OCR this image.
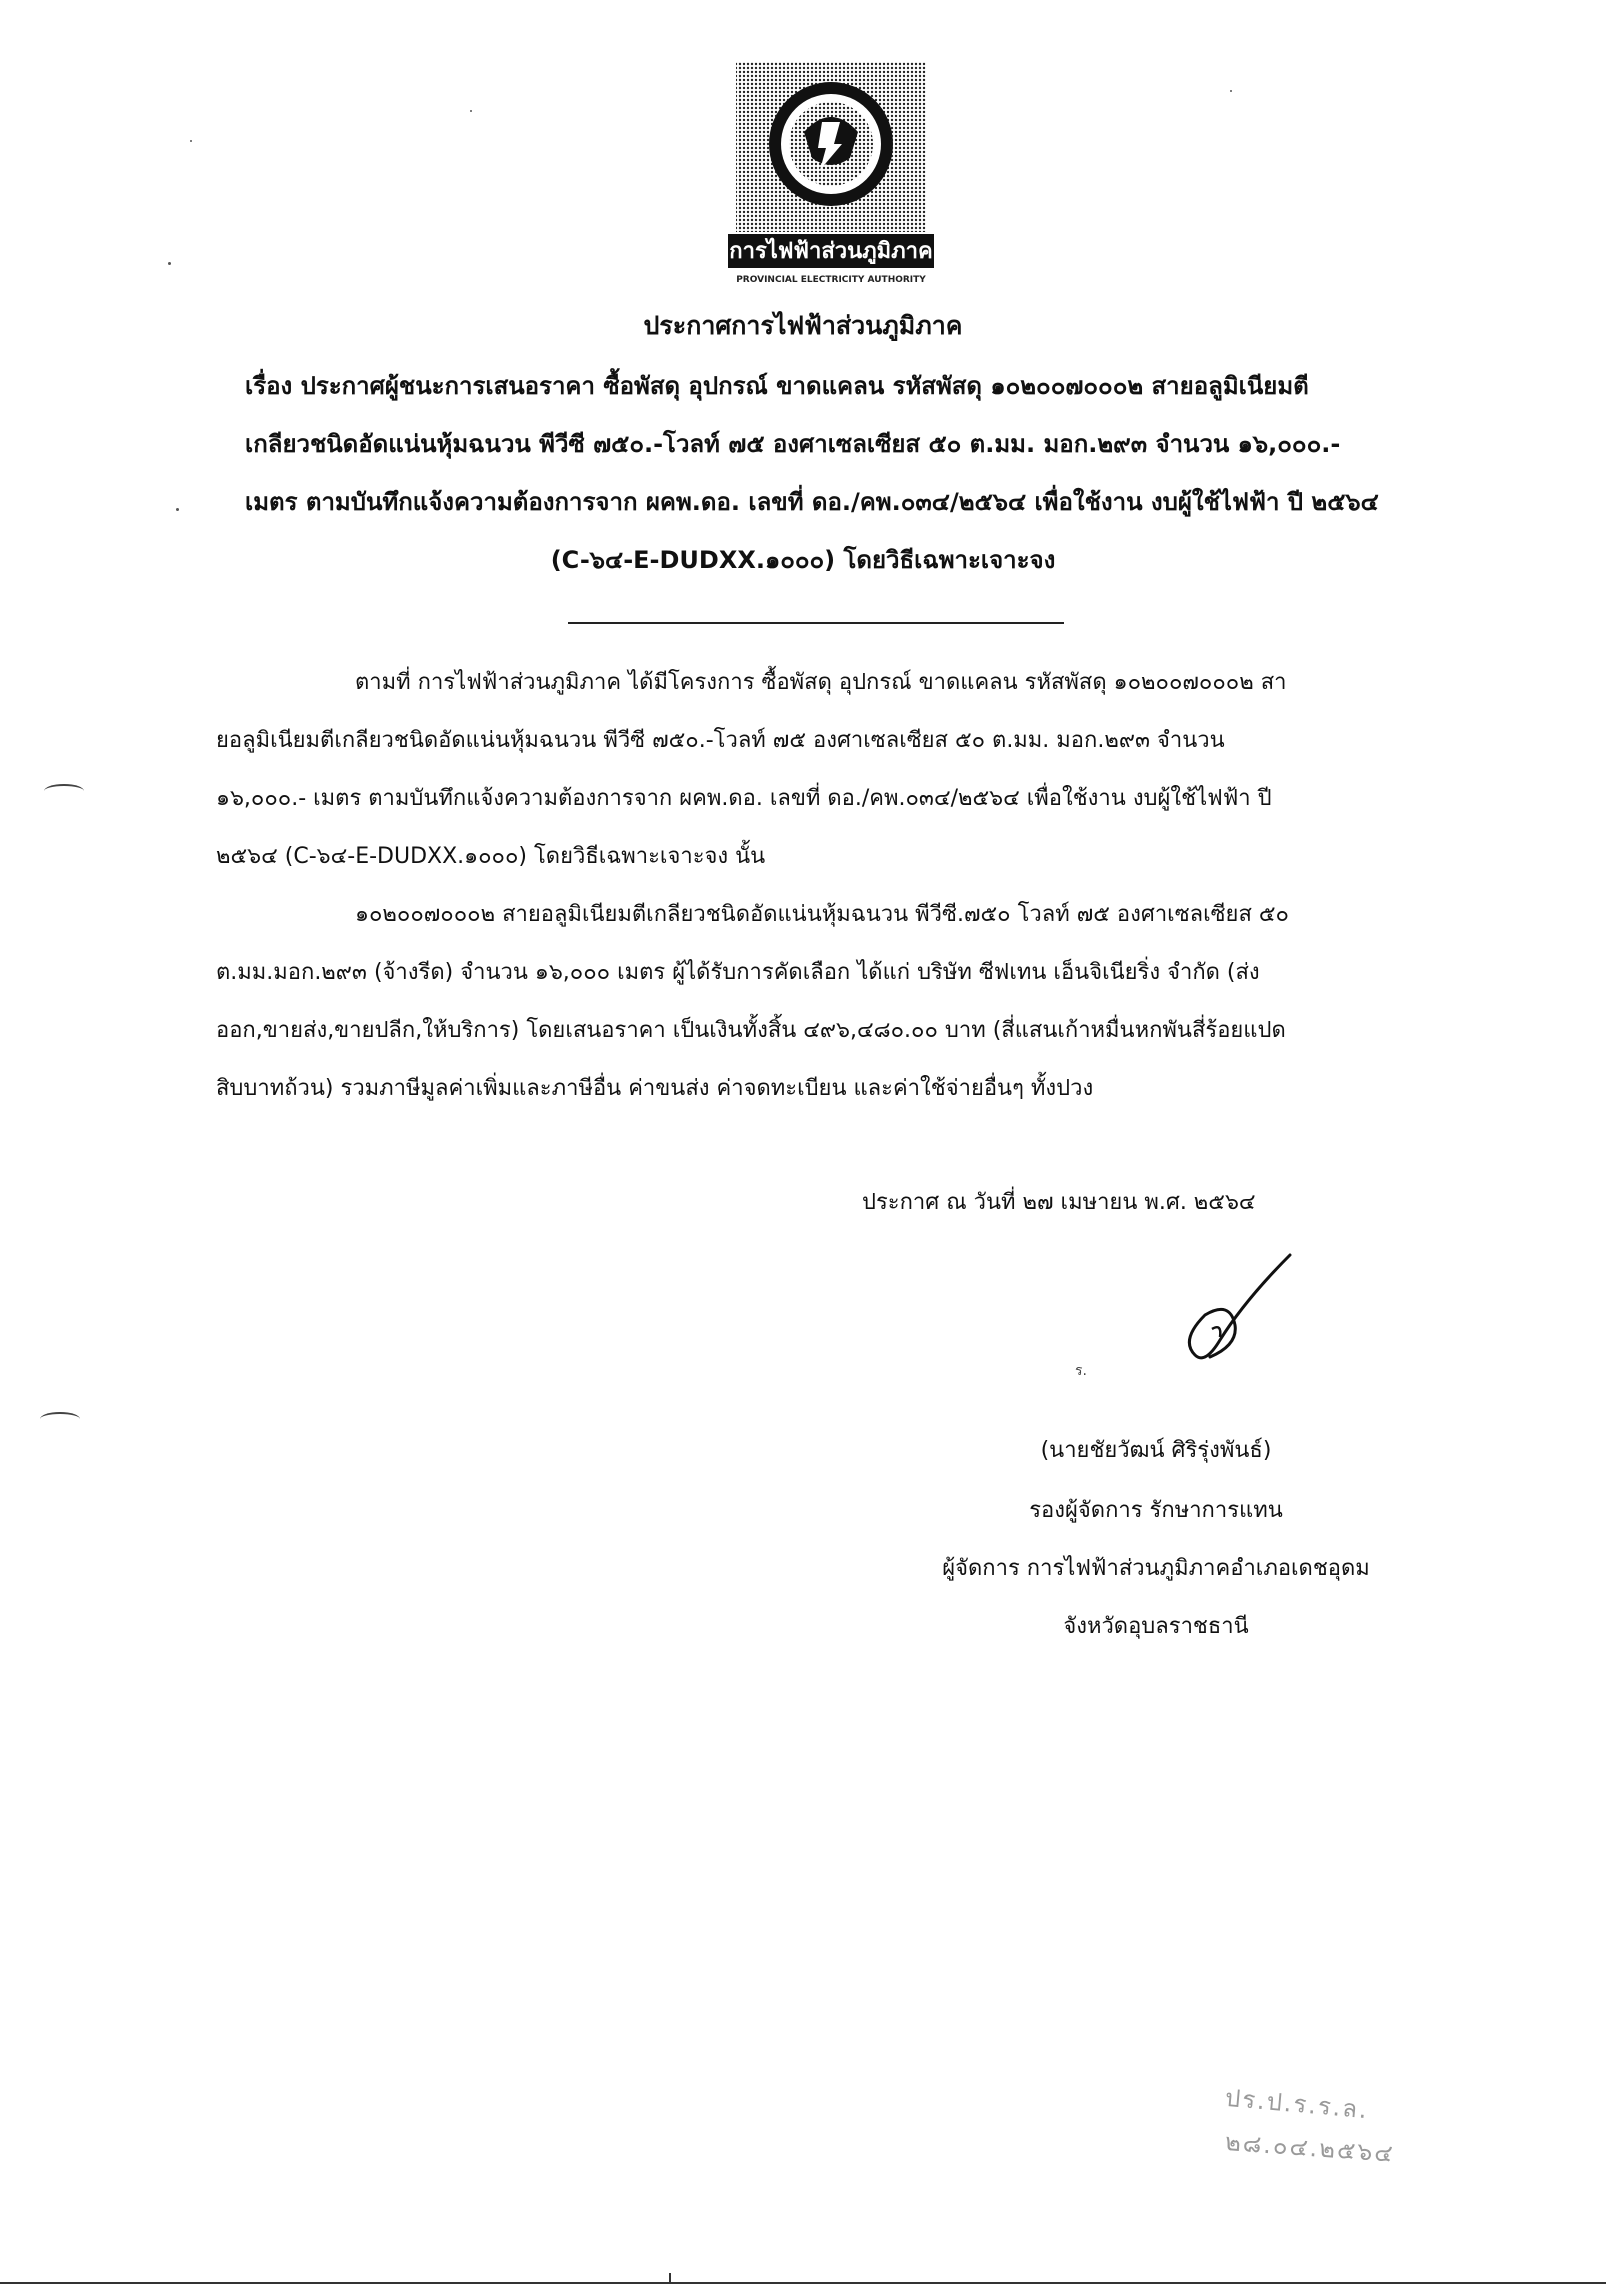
การไฟฟ้าส่วนภูมิภาค
PROVINCIAL ELECTRICITY AUTHORITY
ประกาศการไฟฟ้าส่วนภูมิภาค
เรื่อง ประกาศผู้ชนะการเสนอราคา ซื้อพัสดุ อุปกรณ์ ขาดแคลน รหัสพัสดุ ๑๐๒๐๐๗๐๐๐๒ สายอลูมิเนียมตี
เกลียวชนิดอัดแน่นหุ้มฉนวน พีวีซี ๗๕๐.-โวลท์ ๗๕ องศาเซลเซียส ๕๐ ต.มม. มอก.๒๙๓ จำนวน ๑๖,๐๐๐.-
เมตร ตามบันทึกแจ้งความต้องการจาก ผคพ.ดอ. เลขที่ ดอ./คพ.๐๓๔/๒๕๖๔ เพื่อใช้งาน งบผู้ใช้ไฟฟ้า ปี ๒๕๖๔
(C-๖๔-E-DUDXX.๑๐๐๐) โดยวิธีเฉพาะเจาะจง
ตามที่ การไฟฟ้าส่วนภูมิภาค ได้มีโครงการ ซื้อพัสดุ อุปกรณ์ ขาดแคลน รหัสพัสดุ ๑๐๒๐๐๗๐๐๐๒ สา
ยอลูมิเนียมตีเกลียวชนิดอัดแน่นหุ้มฉนวน พีวีซี ๗๕๐.-โวลท์ ๗๕ องศาเซลเซียส ๕๐ ต.มม. มอก.๒๙๓ จำนวน
๑๖,๐๐๐.- เมตร ตามบันทึกแจ้งความต้องการจาก ผคพ.ดอ. เลขที่ ดอ./คพ.๐๓๔/๒๕๖๔ เพื่อใช้งาน งบผู้ใช้ไฟฟ้า ปี
๒๕๖๔ (C-๖๔-E-DUDXX.๑๐๐๐) โดยวิธีเฉพาะเจาะจง นั้น
๑๐๒๐๐๗๐๐๐๒ สายอลูมิเนียมตีเกลียวชนิดอัดแน่นหุ้มฉนวน พีวีซี.๗๕๐ โวลท์ ๗๕ องศาเซลเซียส ๕๐
ต.มม.มอก.๒๙๓ (จ้างรีด) จำนวน ๑๖,๐๐๐ เมตร ผู้ได้รับการคัดเลือก ได้แก่ บริษัท ซีฟเทน เอ็นจิเนียริ่ง จำกัด (ส่ง
ออก,ขายส่ง,ขายปลีก,ให้บริการ) โดยเสนอราคา เป็นเงินทั้งสิ้น ๔๙๖,๔๘๐.๐๐ บาท (สี่แสนเก้าหมื่นหกพันสี่ร้อยแปด
สิบบาทถ้วน) รวมภาษีมูลค่าเพิ่มและภาษีอื่น ค่าขนส่ง ค่าจดทะเบียน และค่าใช้จ่ายอื่นๆ ทั้งปวง
ประกาศ ณ วันที่ ๒๗ เมษายน พ.ศ. ๒๕๖๔
ร.
(นายชัยวัฒน์ ศิริรุ่งพันธ์)
รองผู้จัดการ รักษาการแทน
ผู้จัดการ การไฟฟ้าส่วนภูมิภาคอำเภอเดชอุดม
จังหวัดอุบลราชธานี
ปร.ป.ร.ร.ล.
๒๘.๐๔.๒๕๖๔
